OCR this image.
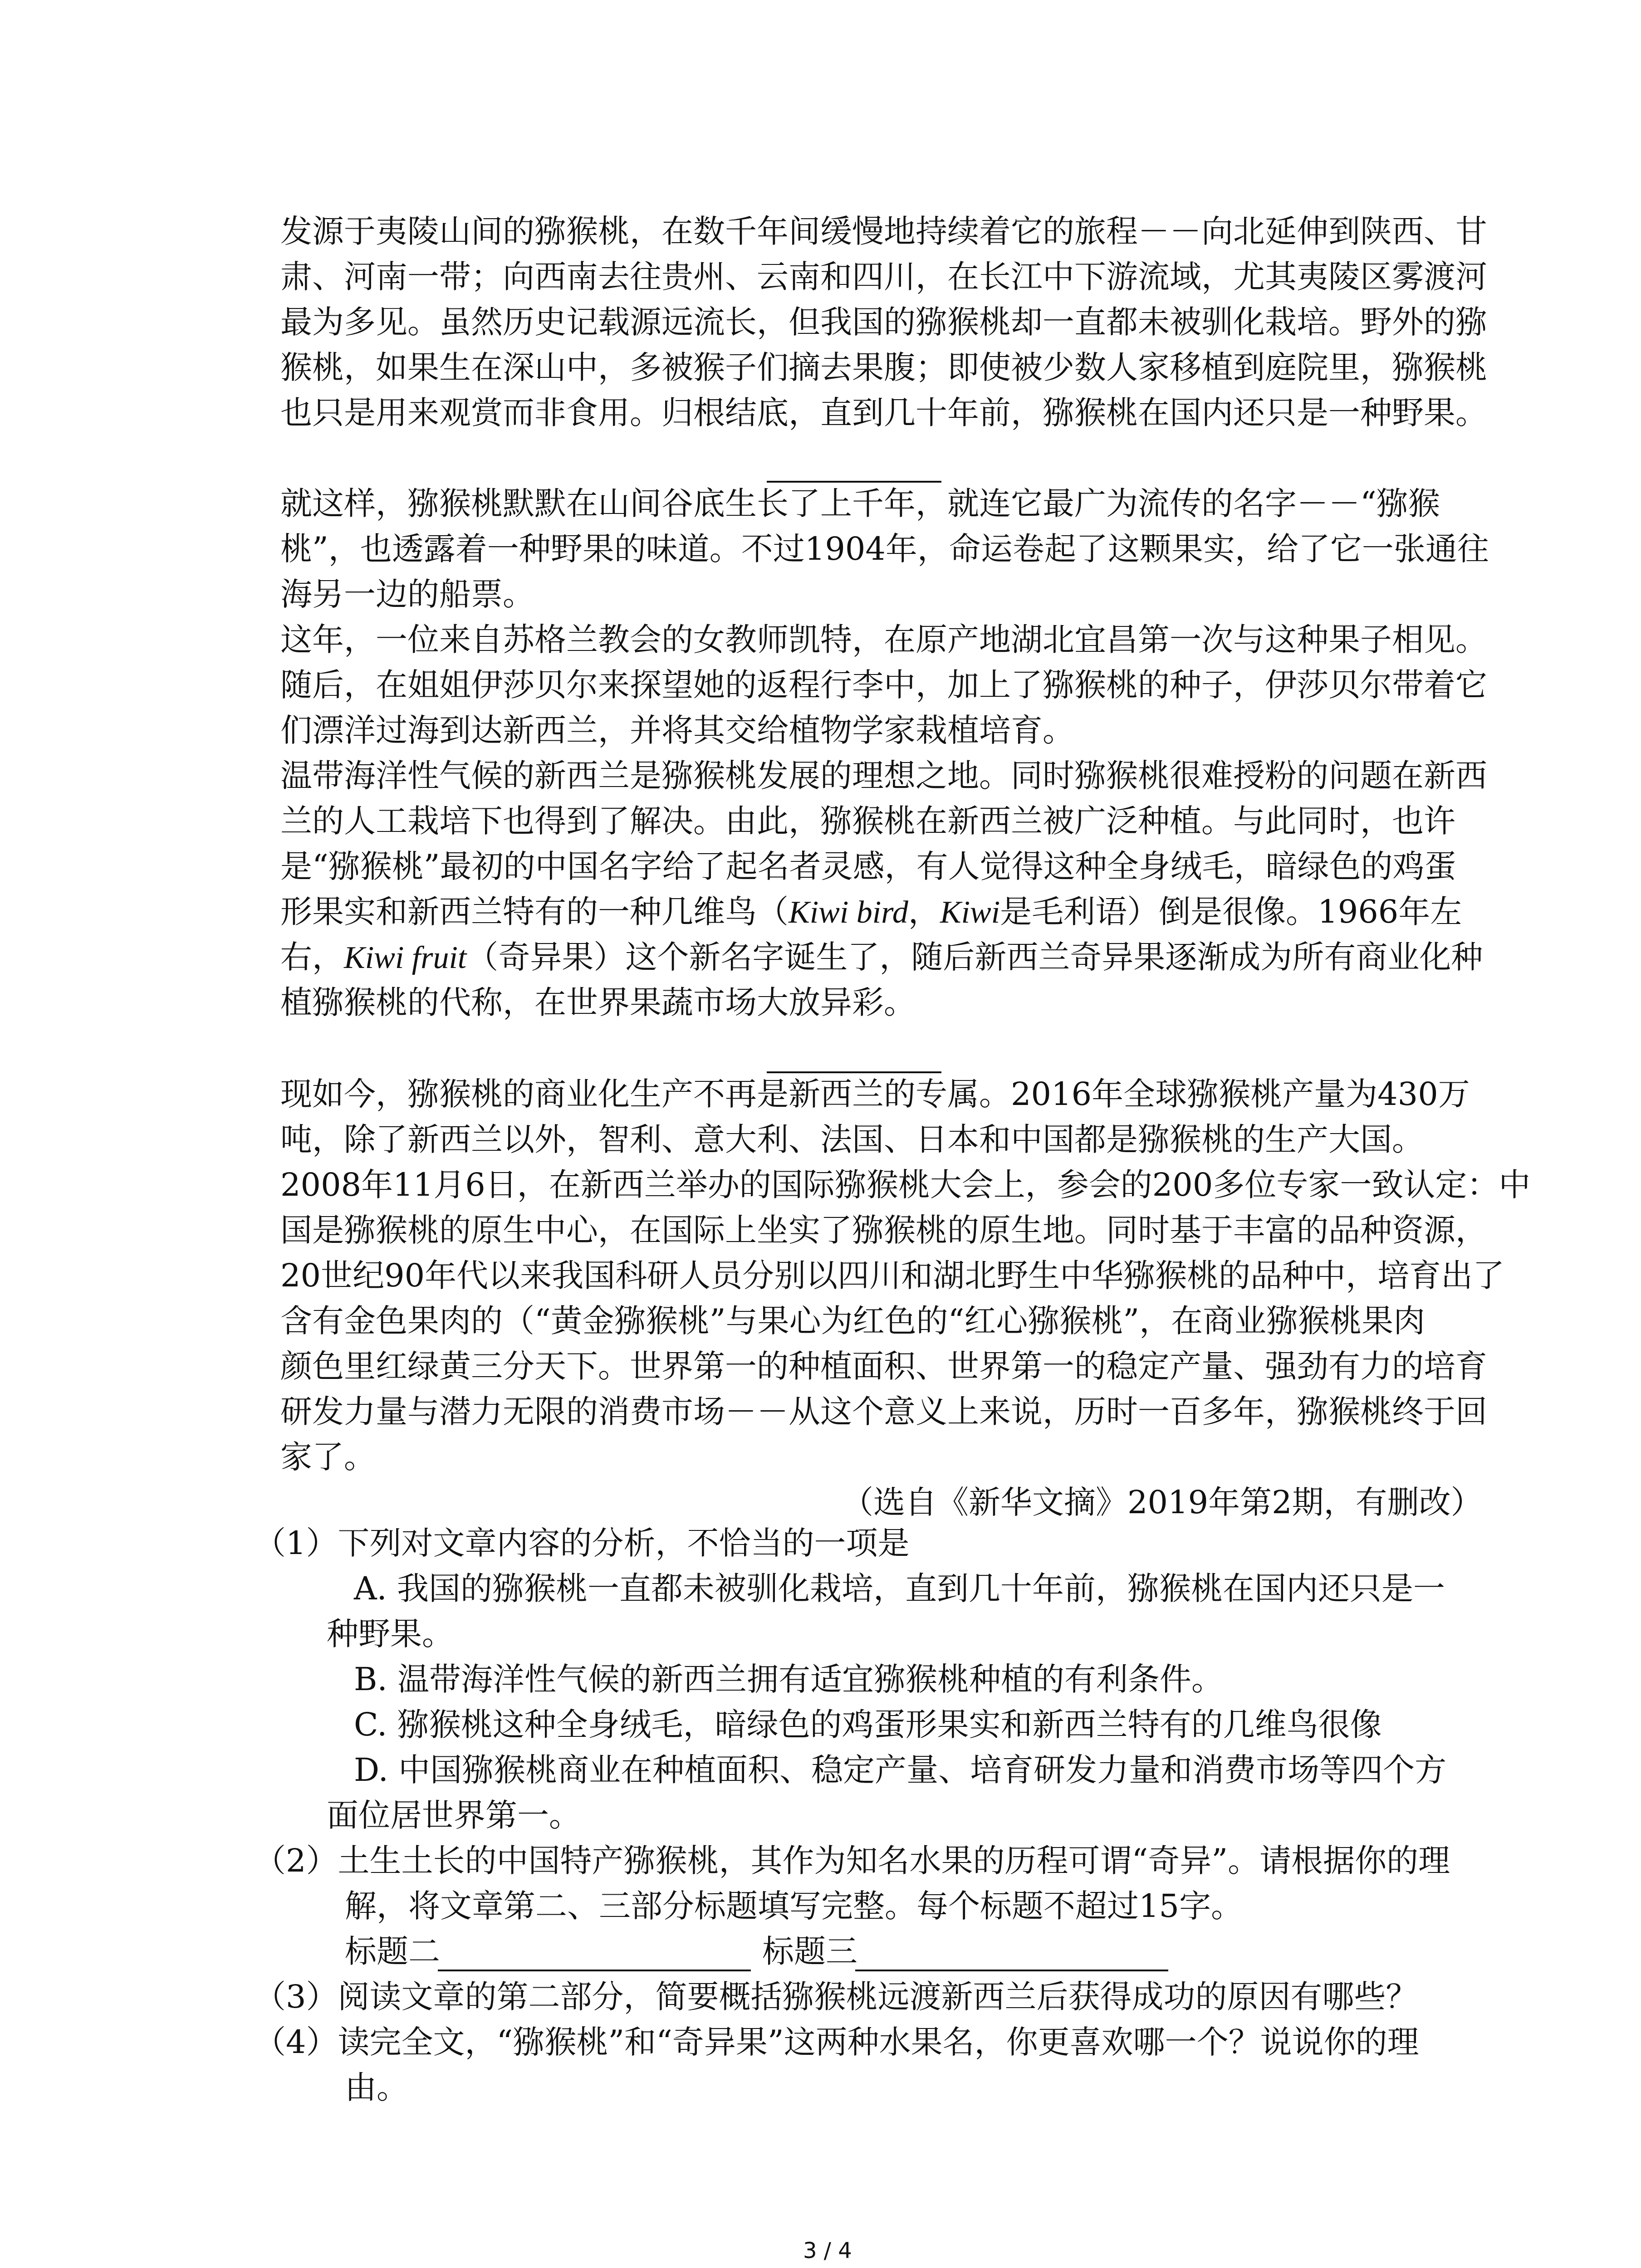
发源于夷陵山间的猕猴桃，在数千年间缓慢地持续着它的旅程－－向北延伸到陕西、甘
肃、河南一带；向西南去往贵州、云南和四川，在长江中下游流域，尤其夷陵区雾渡河
最为多见。虽然历史记载源远流长，但我国的猕猴桃却一直都未被驯化栽培。野外的猕
猴桃，如果生在深山中，多被猴子们摘去果腹；即使被少数人家移植到庭院里，猕猴桃
也只是用来观赏而非食用。归根结底，直到几十年前，猕猴桃在国内还只是一种野果。
就这样，猕猴桃默默在山间谷底生长了上千年，就连它最广为流传的名字－－“猕猴
桃”，也透露着一种野果的味道。不过1904年，命运卷起了这颗果实，给了它一张通往
海另一边的船票。
这年，一位来自苏格兰教会的女教师凯特，在原产地湖北宜昌第一次与这种果子相见。
随后，在姐姐伊莎贝尔来探望她的返程行李中，加上了猕猴桃的种子，伊莎贝尔带着它
们漂洋过海到达新西兰，并将其交给植物学家栽植培育。
温带海洋性气候的新西兰是猕猴桃发展的理想之地。同时猕猴桃很难授粉的问题在新西
兰的人工栽培下也得到了解决。由此，猕猴桃在新西兰被广泛种植。与此同时，也许
是“猕猴桃”最初的中国名字给了起名者灵感，有人觉得这种全身绒毛，暗绿色的鸡蛋
形果实和新西兰特有的一种几维鸟（Kiwi bird，Kiwi是毛利语）倒是很像。1966年左
右，Kiwi fruit（奇异果）这个新名字诞生了，随后新西兰奇异果逐渐成为所有商业化种
植猕猴桃的代称，在世界果蔬市场大放异彩。
现如今，猕猴桃的商业化生产不再是新西兰的专属。2016年全球猕猴桃产量为430万
吨，除了新西兰以外，智利、意大利、法国、日本和中国都是猕猴桃的生产大国。
2008年11月6日，在新西兰举办的国际猕猴桃大会上，参会的200多位专家一致认定：中
国是猕猴桃的原生中心，在国际上坐实了猕猴桃的原生地。同时基于丰富的品种资源，
20世纪90年代以来我国科研人员分别以四川和湖北野生中华猕猴桃的品种中，培育出了
含有金色果肉的（“黄金猕猴桃”与果心为红色的“红心猕猴桃”，在商业猕猴桃果肉
颜色里红绿黄三分天下。世界第一的种植面积、世界第一的稳定产量、强劲有力的培育
研发力量与潜力无限的消费市场－－从这个意义上来说，历时一百多年，猕猴桃终于回
家了。
（选自《新华文摘》2019年第2期，有删改）
（1）下列对文章内容的分析，不恰当的一项是
A. 我国的猕猴桃一直都未被驯化栽培，直到几十年前，猕猴桃在国内还只是一
种野果。
B. 温带海洋性气候的新西兰拥有适宜猕猴桃种植的有利条件。
C. 猕猴桃这种全身绒毛，暗绿色的鸡蛋形果实和新西兰特有的几维鸟很像
D. 中国猕猴桃商业在种植面积、稳定产量、培育研发力量和消费市场等四个方
面位居世界第一。
（2）土生土长的中国特产猕猴桃，其作为知名水果的历程可谓“奇异”。请根据你的理
解，将文章第二、三部分标题填写完整。每个标题不超过15字。
标题二	标题三
（3）阅读文章的第二部分，简要概括猕猴桃远渡新西兰后获得成功的原因有哪些？
（4）读完全文，“猕猴桃”和“奇异果”这两种水果名，你更喜欢哪一个？说说你的理
由。
3 / 4
